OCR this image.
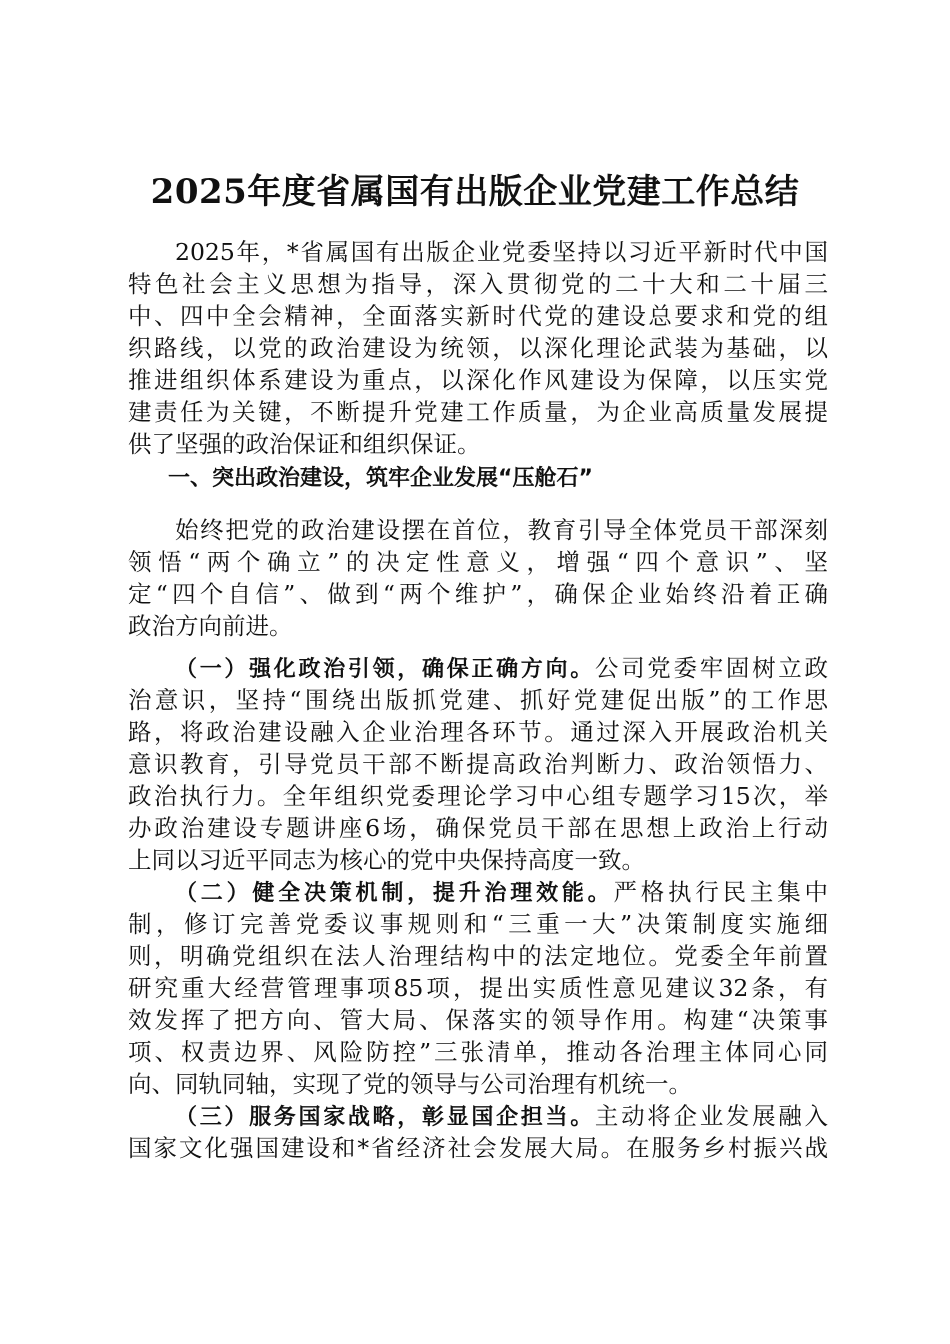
2025年度省属国有出版企业党建工作总结
2025年，*省属国有出版企业党委坚持以习近平新时代中国
特色社会主义思想为指导，深入贯彻党的二十大和二十届三
中、四中全会精神，全面落实新时代党的建设总要求和党的组
织路线，以党的政治建设为统领，以深化理论武装为基础，以
推进组织体系建设为重点，以深化作风建设为保障，以压实党
建责任为关键，不断提升党建工作质量，为企业高质量发展提
供了坚强的政治保证和组织保证。
一、突出政治建设，筑牢企业发展“压舱石”
始终把党的政治建设摆在首位，教育引导全体党员干部深刻
领悟“两个确立”的决定性意义，增强“四个意识”、坚
定“四个自信”、做到“两个维护”，确保企业始终沿着正确
政治方向前进。
（一）强化政治引领，确保正确方向。公司党委牢固树立政
治意识，坚持“围绕出版抓党建、抓好党建促出版”的工作思
路，将政治建设融入企业治理各环节。通过深入开展政治机关
意识教育，引导党员干部不断提高政治判断力、政治领悟力、
政治执行力。全年组织党委理论学习中心组专题学习15次，举
办政治建设专题讲座6场，确保党员干部在思想上政治上行动
上同以习近平同志为核心的党中央保持高度一致。
（二）健全决策机制，提升治理效能。严格执行民主集中
制，修订完善党委议事规则和“三重一大”决策制度实施细
则，明确党组织在法人治理结构中的法定地位。党委全年前置
研究重大经营管理事项85项，提出实质性意见建议32条，有
效发挥了把方向、管大局、保落实的领导作用。构建“决策事
项、权责边界、风险防控”三张清单，推动各治理主体同心同
向、同轨同轴，实现了党的领导与公司治理有机统一。
（三）服务国家战略，彰显国企担当。主动将企业发展融入
国家文化强国建设和*省经济社会发展大局。在服务乡村振兴战
